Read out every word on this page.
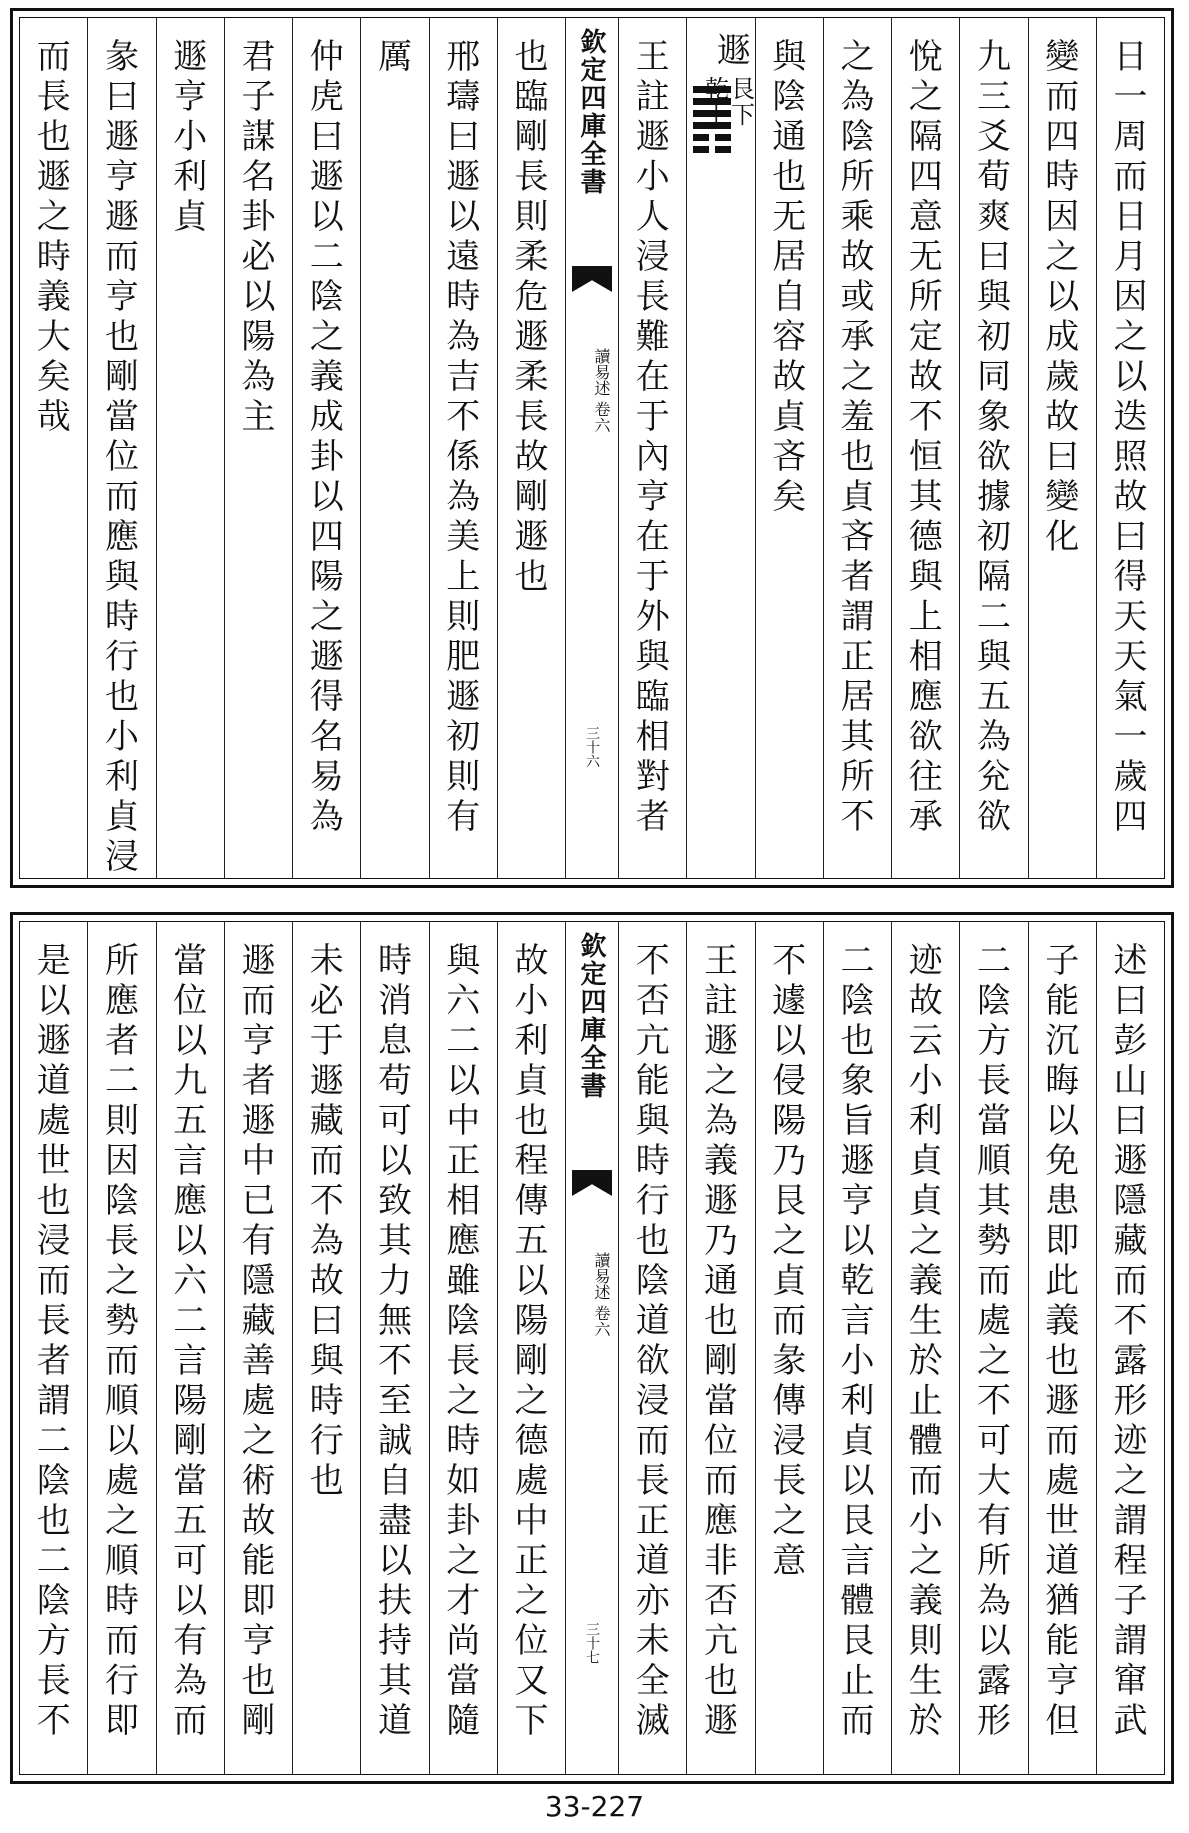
日一周而日月因之以迭照故曰得天天氣一歲四
變而四時因之以成歲故曰變化
九三爻荀爽曰與初同象欲據初隔二與五為兊欲
悅之隔四意无所定故不恒其德與上相應欲往承
之為陰所乘故或承之羞也貞吝者謂正居其所不
與陰通也无居自容故貞吝矣
遯
艮下
乾上
王註遯小人浸長難在于內亨在于外與臨相對者
欽定四庫全書
讀易述 卷六
三十六
也臨剛長則柔危遯柔長故剛遯也
邢璹曰遯以遠時為吉不係為美上則肥遯初則有
厲
仲虎曰遯以二陰之義成卦以四陽之遯得名易為
君子謀名卦必以陽為主
遯亨小利貞
彖曰遯亨遯而亨也剛當位而應與時行也小利貞浸
而長也遯之時義大矣哉
述曰彭山曰遯隱藏而不露形迹之謂程子謂窜武
子能沉晦以免患即此義也遯而處世道猶能亨但
二陰方長當順其勢而處之不可大有所為以露形
迹故云小利貞貞之義生於止體而小之義則生於
二陰也象旨遯亨以乾言小利貞以艮言體艮止而
不遽以侵陽乃艮之貞而彖傳浸長之意
王註遯之為義遯乃通也剛當位而應非否亢也遯
不否亢能與時行也陰道欲浸而長正道亦未全滅
欽定四庫全書
讀易述 卷六
三十七
故小利貞也程傳五以陽剛之德處中正之位又下
與六二以中正相應雖陰長之時如卦之才尚當隨
時消息苟可以致其力無不至誠自盡以扶持其道
未必于遯藏而不為故曰與時行也
遯而亨者遯中已有隱藏善處之術故能即亨也剛
當位以九五言應以六二言陽剛當五可以有為而
所應者二則因陰長之勢而順以處之順時而行即
是以遯道處世也浸而長者謂二陰也二陰方長不
33-227
